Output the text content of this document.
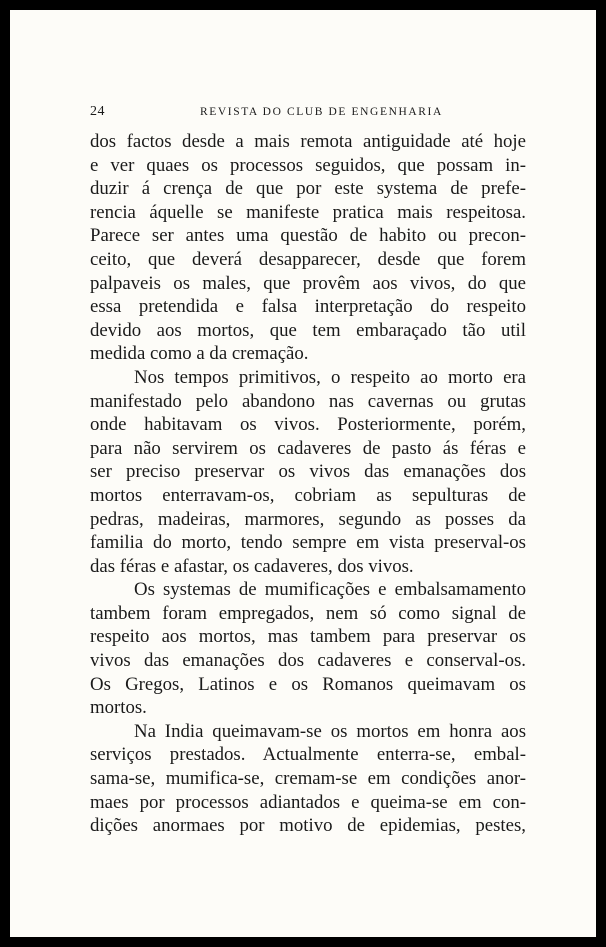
24	REVISTA DO CLUB DE ENGENHARIA
dos factos desde a mais remota antiguidade até hoje
e ver quaes os processos seguidos, que possam in-
duzir á crença de que por este systema de prefe-
rencia áquelle se manifeste pratica mais respeitosa.
Parece ser antes uma questão de habito ou precon-
ceito, que deverá desapparecer, desde que forem
palpaveis os males, que provêm aos vivos, do que
essa pretendida e falsa interpretação do respeito
devido aos mortos, que tem embaraçado tão util
medida como a da cremação.
Nos tempos primitivos, o respeito ao morto era
manifestado pelo abandono nas cavernas ou grutas
onde habitavam os vivos. Posteriormente, porém,
para não servirem os cadaveres de pasto ás féras e
ser preciso preservar os vivos das emanações dos
mortos enterravam-os, cobriam as sepulturas de
pedras, madeiras, marmores, segundo as posses da
familia do morto, tendo sempre em vista preserval-os
das féras e afastar, os cadaveres, dos vivos.
Os systemas de mumificações e embalsamamento
tambem foram empregados, nem só como signal de
respeito aos mortos, mas tambem para preservar os
vivos das emanações dos cadaveres e conserval-os.
Os Gregos, Latinos e os Romanos queimavam os
mortos.
Na India queimavam-se os mortos em honra aos
serviços prestados. Actualmente enterra-se, embal-
sama-se, mumifica-se, cremam-se em condições anor-
maes por processos adiantados e queima-se em con-
dições anormaes por motivo de epidemias, pestes,
